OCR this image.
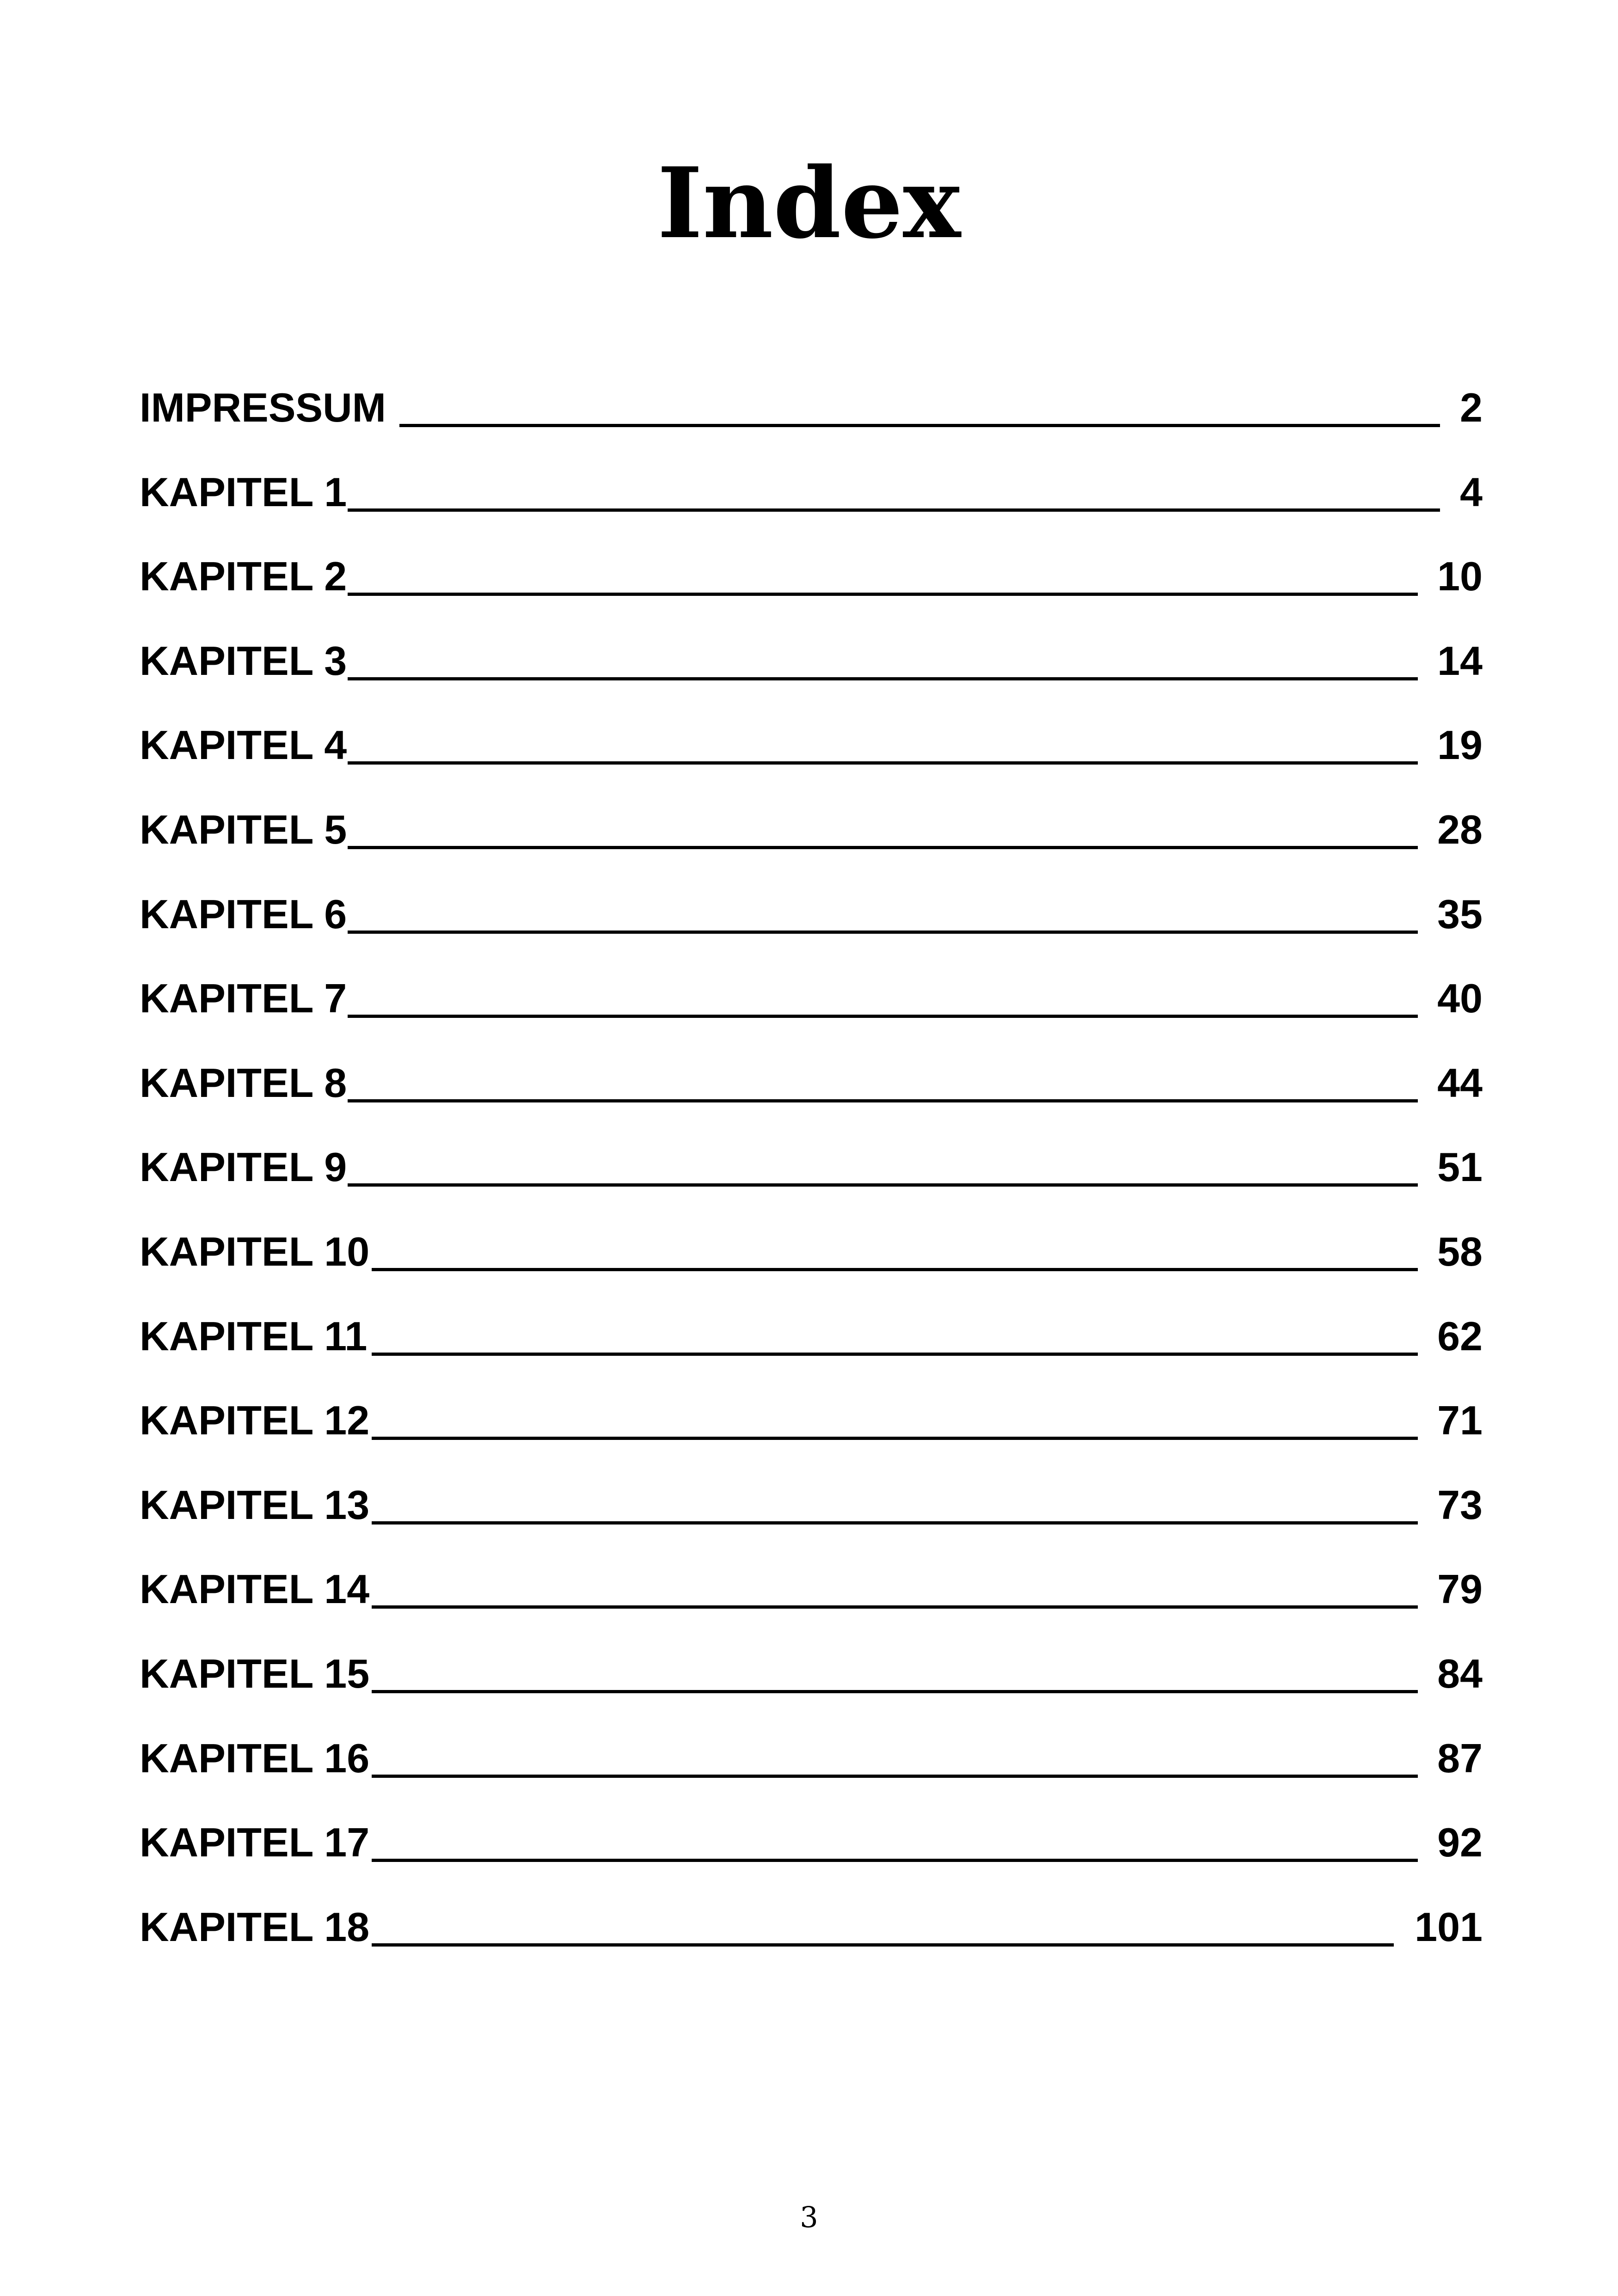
Index
IMPRESSUM	2
KAPITEL 1	4
KAPITEL 2	10
KAPITEL 3	14
KAPITEL 4	19
KAPITEL 5	28
KAPITEL 6	35
KAPITEL 7	40
KAPITEL 8	44
KAPITEL 9	51
KAPITEL 10	58
KAPITEL 11	62
KAPITEL 12	71
KAPITEL 13	73
KAPITEL 14	79
KAPITEL 15	84
KAPITEL 16	87
KAPITEL 17	92
KAPITEL 18	101
3
